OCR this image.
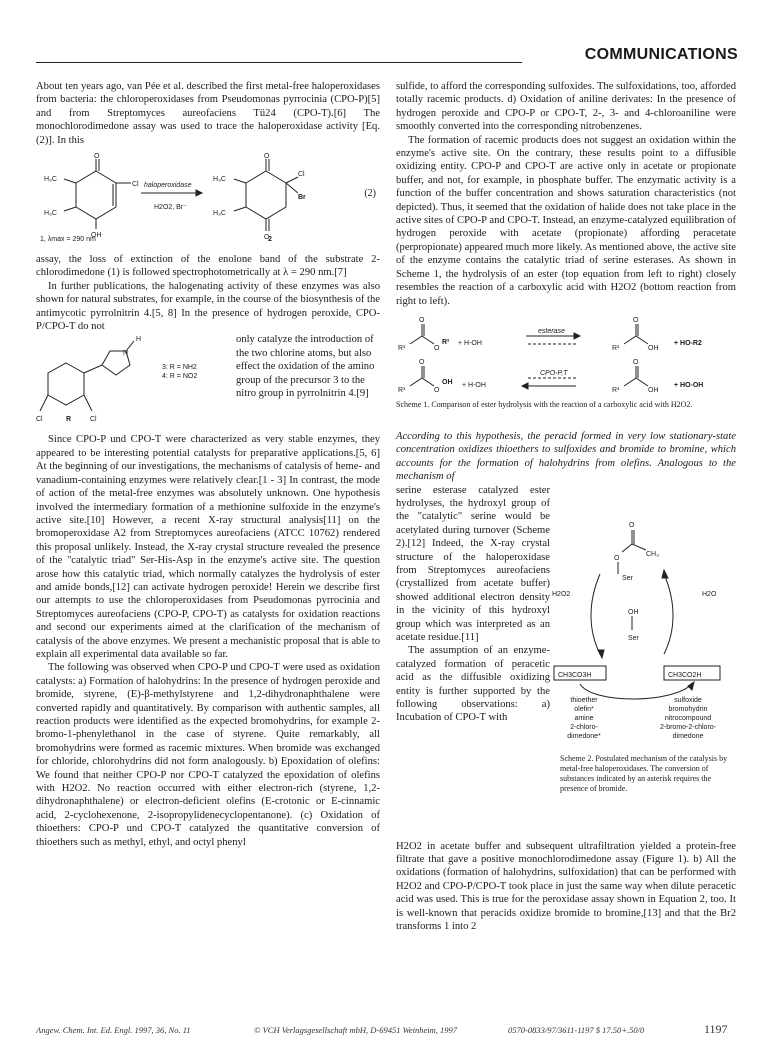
COMMUNICATIONS

About ten years ago, van Pée et al. described the first metal-free haloperoxidases from bacteria: the chloroperoxidases from Pseudomonas pyrrocinia (CPO-P)[5] and from Streptomyces aureofaciens Tü24 (CPO-T).[6] The monochlorodimedone assay was used to trace the haloperoxidase activity [Eq. (2)]. In this

O
Cl
OH
H₃C
H₃C
O
O
Cl
Br
H₃C
H₃C
haloperoxidase
H2O2, Br⁻
(2)
1, λmax = 290 nm	2

assay, the loss of extinction of the enolone band of the substrate 2-chlorodimedone (1) is followed spectrophotometrically at λ = 290 nm.[7]

In further publications, the halogenating activity of these enzymes was also shown for natural substrates, for example, in the course of the biosynthesis of the antimycotic pyrrolnitrin 4.[5, 8] In the presence of hydrogen peroxide, CPO-P/CPO-T do not

N
H
Cl	R	Cl
3: R = NH2
4: R = NO2

only catalyze the introduction of the two chlorine atoms, but also effect the oxidation of the amino group of the precursor 3 to the nitro group in pyrrolnitrin 4.[9]

Since CPO-P und CPO-T were characterized as very stable enzymes, they appeared to be interesting potential catalysts for preparative applications.[5, 6] At the beginning of our investigations, the mechanisms of catalysis of heme- and vanadium-containing enzymes were relatively clear.[1 - 3] In contrast, the mode of action of the metal-free enzymes was absolutely unknown. One hypothesis involved the intermediary formation of a methionine sulfoxide in the enzyme's active site.[10] However, a recent X-ray structural analysis[11] on the bromoperoxidase A2 from Streptomyces aureofaciens (ATCC 10762) rendered this proposal unlikely. Instead, the X-ray crystal structure revealed the presence of the "catalytic triad" Ser-His-Asp in the enzyme's active site. The question arose how this catalytic triad, which normally catalyzes the hydrolysis of ester and amide bonds,[12] can activate hydrogen peroxide! Herein we describe first our attempts to use the chloroperoxidases from Pseudomonas pyrrocinia and Streptomyces aureofaciens (CPO-P, CPO-T) as catalysts for oxidation reactions and second our experiments aimed at the clarification of the mechanism of catalysis of the above enzymes. We present a mechanistic proposal that is able to explain all experimental data available so far.

The following was observed when CPO-P und CPO-T were used as oxidation catalysts: a) Formation of halohydrins: In the presence of hydrogen peroxide and bromide, styrene, (E)-β-methylstyrene and 1,2-dihydronaphthalene were converted rapidly and quantitatively. By comparison with authentic samples, all reaction products were identified as the expected bromohydrins, for example 2-bromo-1-phenylethanol in the case of styrene. Quite remarkably, all bromohydrins were formed as racemic mixtures. When bromide was exchanged for chloride, chlorohydrins did not form analogously. b) Epoxidation of olefins: We found that neither CPO-P nor CPO-T catalyzed the epoxidation of olefins with H2O2. No reaction occurred with either electron-rich (styrene, 1,2-dihydronaphthalene) or electron-deficient olefins (E-crotonic or E-cinnamic acid, 2-cyclohexenone, 2-isopropylidenecyclopentanone). (c) Oxidation of thioethers: CPO-P und CPO-T catalyzed the quantitative conversion of thioethers such as methyl, ethyl, and octyl phenyl

sulfide, to afford the corresponding sulfoxides. The sulfoxidations, too, afforded totally racemic products. d) Oxidation of aniline derivates: In the presence of hydrogen peroxide and CPO-P or CPO-T, 2-, 3- and 4-chloroaniline were smoothly converted into the corresponding nitrobenzenes.

The formation of racemic products does not suggest an oxidation within the enzyme's active site. On the contrary, these results point to a diffusible oxidizing entity. CPO-P and CPO-T are active only in acetate or propionate buffer, and not, for example, in phosphate buffer. The enzymatic activity is a function of the buffer concentration and shows saturation characteristics (not depicted). Thus, it seemed that the oxidation of halide does not take place in the active sites of CPO-P and CPO-T. Instead, an enzyme-catalyzed equilibration of hydrogen peroxide with acetate (propionate) affording peracetate (perpropionate) appeared much more likely. As mentioned above, the active site of the enzyme contains the catalytic triad of serine esterases. As shown in Scheme 1, the hydrolysis of an ester (top equation from left to right) closely resembles the reaction of a carboxylic acid with H2O2 (bottom reaction from right to left).

O
R¹	O
R²
O
R¹	OH
O
R¹	O
OH
O
R¹	OH
+ H-OH
esterase
+ HO-R2
+ H-OH
CPO-P,T
+ HO-OH
Scheme 1. Comparison of ester hydrolysis with the reaction of a carboxylic acid with H2O2.

According to this hypothesis, the peracid formed in very low stationary-state concentration oxidizes thioethers to sulfoxides and bromide to bromine, which accounts for the formation of halohydrins from olefins. Analogous to the mechanism of

serine esterase catalyzed ester hydrolyses, the hydroxyl group of the "catalytic" serine would be acetylated during turnover (Scheme 2).[12] Indeed, the X-ray crystal structure of the haloperoxidase from Streptomyces aureofaciens (crystallized from acetate buffer) showed additional electron density in the vicinity of this hydroxyl group which was interpreted as an acetate residue.[11]

The assumption of an enzyme-catalyzed formation of peracetic acid as the diffusible oxidizing entity is further supported by the following observations: a) Incubation of CPO-T with

O
CH₃
O
Ser
OH
Ser
H2O2	H2O
CH3CO3H	CH3CO2H
thioether
olefin*
amine
2-chloro-
dimedone*
sulfoxide
bromohydrin
nitrocompound
2-bromo-2-chloro-
dimedone
Scheme 2. Postulated mechanism of the catalysis by metal-free haloperoxidases. The conversion of substances indicated by an asterisk requires the presence of bromide.

H2O2 in acetate buffer and subsequent ultrafiltration yielded a protein-free filtrate that gave a positive monochlorodimedone assay (Figure 1). b) All the oxidations (formation of halohydrins, sulfoxidation) that can be performed with H2O2 and CPO-P/CPO-T took place in just the same way when dilute peracetic acid was used. This is true for the peroxidase assay shown in Equation 2, too. It is well-known that peracids oxidize bromide to bromine,[13] and that the Br2 transforms 1 into 2

Angew. Chem. Int. Ed. Engl. 1997, 36, No. 11	© VCH Verlagsgesellschaft mbH, D-69451 Weinheim, 1997	0570-0833/97/3611-1197 $ 17.50+.50/0	1197
